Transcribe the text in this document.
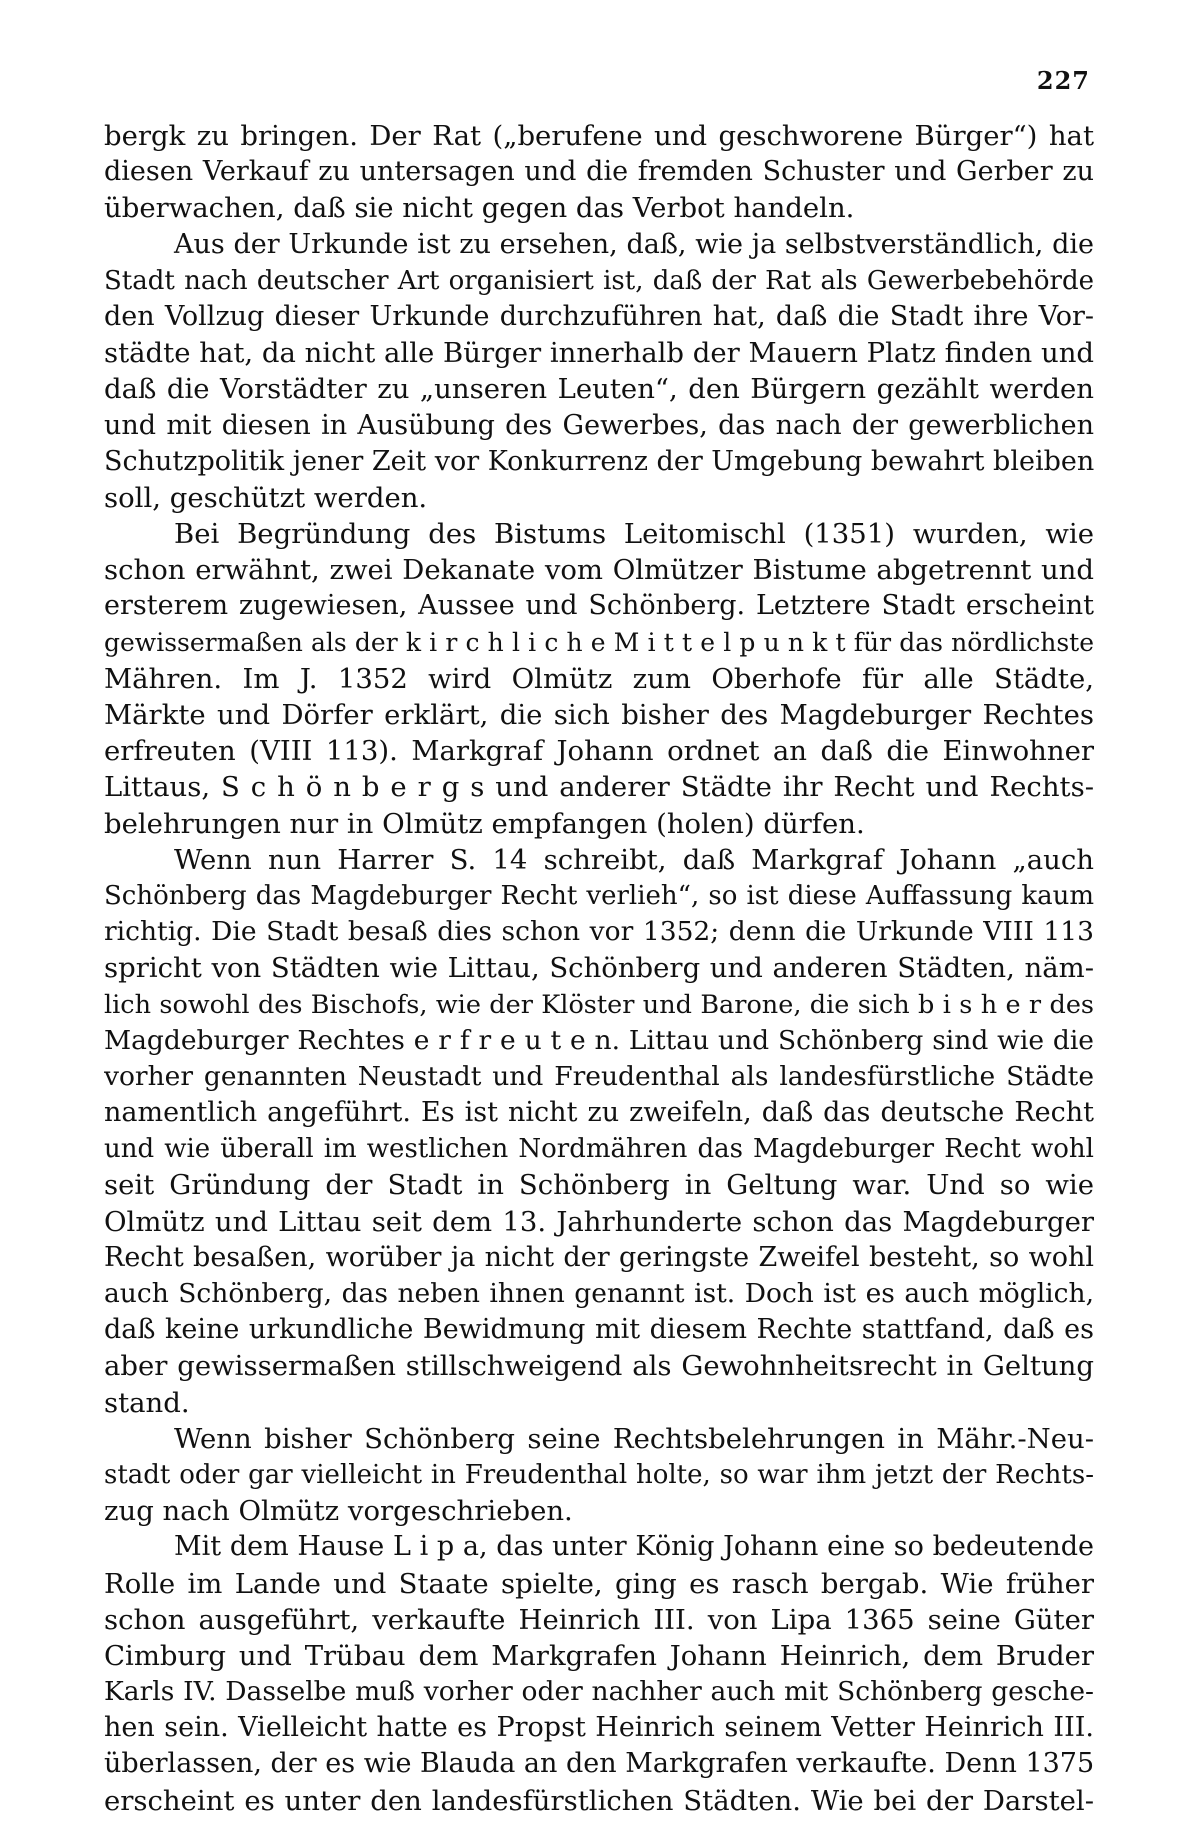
227
bergk zu bringen. Der Rat („berufene und geschworene Bürger“) hat
diesen Verkauf zu untersagen und die fremden Schuster und Gerber zu
überwachen, daß sie nicht gegen das Verbot handeln.
Aus der Urkunde ist zu ersehen, daß, wie ja selbstverständlich, die
Stadt nach deutscher Art organisiert ist, daß der Rat als Gewerbebehörde
den Vollzug dieser Urkunde durchzuführen hat, daß die Stadt ihre Vor-
städte hat, da nicht alle Bürger innerhalb der Mauern Platz finden und
daß die Vorstädter zu „unseren Leuten“, den Bürgern gezählt werden
und mit diesen in Ausübung des Gewerbes, das nach der gewerblichen
Schutzpolitik jener Zeit vor Konkurrenz der Umgebung bewahrt bleiben
soll, geschützt werden.
Bei Begründung des Bistums Leitomischl (1351) wurden, wie
schon erwähnt, zwei Dekanate vom Olmützer Bistume abgetrennt und
ersterem zugewiesen, Aussee und Schönberg. Letztere Stadt erscheint
gewissermaßen als der k i r c h l i c h e M i t t e l p u n k t für das nördlichste
Mähren. Im J. 1352 wird Olmütz zum Oberhofe für alle Städte,
Märkte und Dörfer erklärt, die sich bisher des Magdeburger Rechtes
erfreuten (VIII 113). Markgraf Johann ordnet an daß die Einwohner
Littaus, S c h ö n b e r g s und anderer Städte ihr Recht und Rechts-
belehrungen nur in Olmütz empfangen (holen) dürfen.
Wenn nun Harrer S. 14 schreibt, daß Markgraf Johann „auch
Schönberg das Magdeburger Recht verlieh“, so ist diese Auffassung kaum
richtig. Die Stadt besaß dies schon vor 1352; denn die Urkunde VIII 113
spricht von Städten wie Littau, Schönberg und anderen Städten, näm-
lich sowohl des Bischofs, wie der Klöster und Barone, die sich b i s h e r des
Magdeburger Rechtes e r f r e u t e n. Littau und Schönberg sind wie die
vorher genannten Neustadt und Freudenthal als landesfürstliche Städte
namentlich angeführt. Es ist nicht zu zweifeln, daß das deutsche Recht
und wie überall im westlichen Nordmähren das Magdeburger Recht wohl
seit Gründung der Stadt in Schönberg in Geltung war. Und so wie
Olmütz und Littau seit dem 13. Jahrhunderte schon das Magdeburger
Recht besaßen, worüber ja nicht der geringste Zweifel besteht, so wohl
auch Schönberg, das neben ihnen genannt ist. Doch ist es auch möglich,
daß keine urkundliche Bewidmung mit diesem Rechte stattfand, daß es
aber gewissermaßen stillschweigend als Gewohnheitsrecht in Geltung
stand.
Wenn bisher Schönberg seine Rechtsbelehrungen in Mähr.-Neu-
stadt oder gar vielleicht in Freudenthal holte, so war ihm jetzt der Rechts-
zug nach Olmütz vorgeschrieben.
Mit dem Hause L i p a, das unter König Johann eine so bedeutende
Rolle im Lande und Staate spielte, ging es rasch bergab. Wie früher
schon ausgeführt, verkaufte Heinrich III. von Lipa 1365 seine Güter
Cimburg und Trübau dem Markgrafen Johann Heinrich, dem Bruder
Karls IV. Dasselbe muß vorher oder nachher auch mit Schönberg gesche-
hen sein. Vielleicht hatte es Propst Heinrich seinem Vetter Heinrich III.
überlassen, der es wie Blauda an den Markgrafen verkaufte. Denn 1375
erscheint es unter den landesfürstlichen Städten. Wie bei der Darstel-
